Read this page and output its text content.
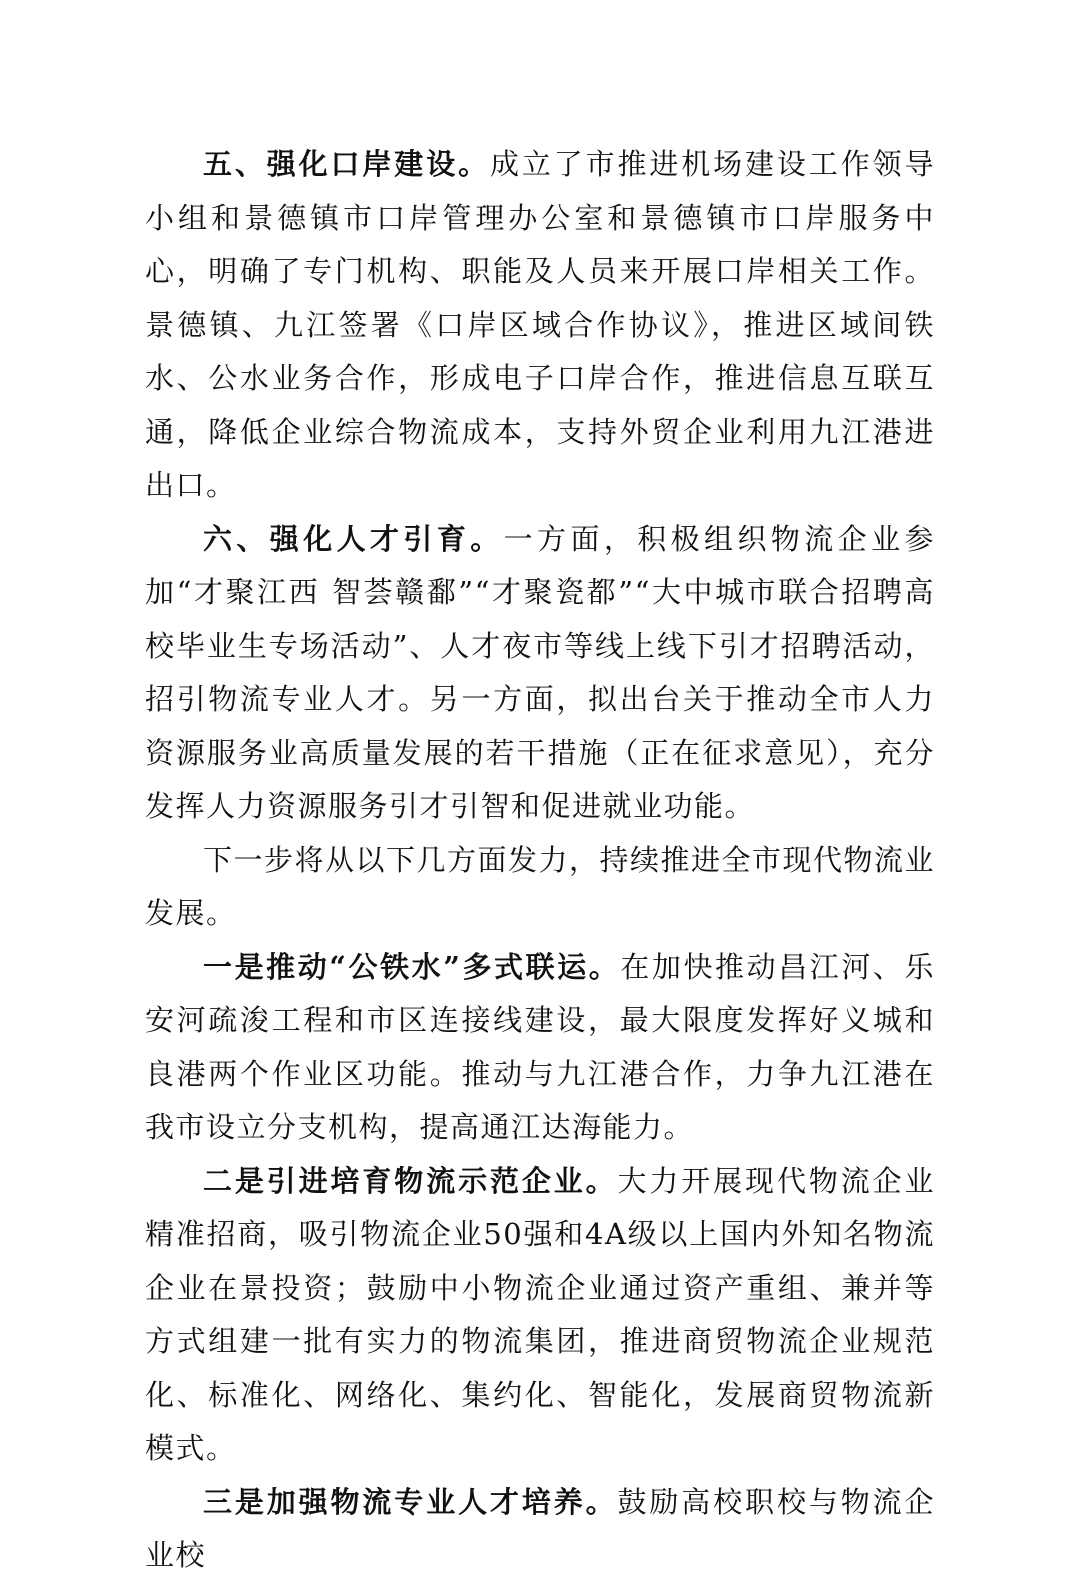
五、强化口岸建设。成立了市推进机场建设工作领导小组和景德镇市口岸管理办公室和景德镇市口岸服务中心，明确了专门机构、职能及人员来开展口岸相关工作。景德镇、九江签署《口岸区域合作协议》，推进区域间铁水、公水业务合作，形成电子口岸合作，推进信息互联互通，降低企业综合物流成本，支持外贸企业利用九江港进出口。

六、强化人才引育。一方面，积极组织物流企业参加“才聚江西 智荟赣鄱”“才聚瓷都”“大中城市联合招聘高校毕业生专场活动”、人才夜市等线上线下引才招聘活动，招引物流专业人才。另一方面，拟出台关于推动全市人力资源服务业高质量发展的若干措施（正在征求意见），充分发挥人力资源服务引才引智和促进就业功能。

下一步将从以下几方面发力，持续推进全市现代物流业发展。

一是推动“公铁水”多式联运。在加快推动昌江河、乐安河疏浚工程和市区连接线建设，最大限度发挥好义城和良港两个作业区功能。推动与九江港合作，力争九江港在我市设立分支机构，提高通江达海能力。

二是引进培育物流示范企业。大力开展现代物流企业精准招商，吸引物流企业50强和4A级以上国内外知名物流企业在景投资；鼓励中小物流企业通过资产重组、兼并等方式组建一批有实力的物流集团，推进商贸物流企业规范化、标准化、网络化、集约化、智能化，发展商贸物流新模式。

三是加强物流专业人才培养。鼓励高校职校与物流企业校
